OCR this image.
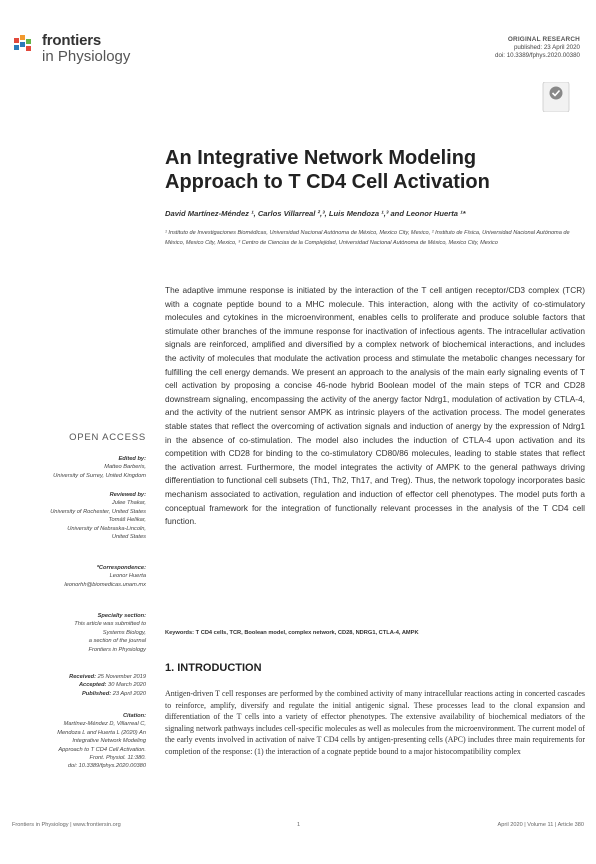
frontiers
in Physiology
ORIGINAL RESEARCH
published: 23 April 2020
doi: 10.3389/fphys.2020.00380
An Integrative Network Modeling
Approach to T CD4 Cell Activation
David Martínez-Méndez ¹, Carlos Villarreal ²,³, Luis Mendoza ¹,³ and Leonor Huerta ¹*
¹ Instituto de Investigaciones Biomédicas, Universidad Nacional Autónoma de México, Mexico City, Mexico, ² Instituto de Física, Universidad Nacional Autónoma de México, Mexico City, Mexico, ³ Centro de Ciencias de la Complejidad, Universidad Nacional Autónoma de México, Mexico City, Mexico

The adaptive immune response is initiated by the interaction of the T cell antigen receptor/CD3 complex (TCR) with a cognate peptide bound to a MHC molecule. This interaction, along with the activity of co-stimulatory molecules and cytokines in the microenvironment, enables cells to proliferate and produce soluble factors that stimulate other branches of the immune response for inactivation of infectious agents. The intracellular activation signals are reinforced, amplified and diversified by a complex network of biochemical interactions, and includes the activity of molecules that modulate the activation process and stimulate the metabolic changes necessary for fulfilling the cell energy demands. We present an approach to the analysis of the main early signaling events of T cell activation by proposing a concise 46-node hybrid Boolean model of the main steps of TCR and CD28 downstream signaling, encompassing the activity of the anergy factor Ndrg1, modulation of activation by CTLA-4, and the activity of the nutrient sensor AMPK as intrinsic players of the activation process. The model generates stable states that reflect the overcoming of activation signals and induction of anergy by the expression of Ndrg1 in the absence of co-stimulation. The model also includes the induction of CTLA-4 upon activation and its competition with CD28 for binding to the co-stimulatory CD80/86 molecules, leading to stable states that reflect the activation arrest. Furthermore, the model integrates the activity of AMPK to the general pathways driving differentiation to functional cell subsets (Th1, Th2, Th17, and Treg). Thus, the network topology incorporates basic mechanism associated to activation, regulation and induction of effector cell phenotypes. The model puts forth a conceptual framework for the integration of functionally relevant processes in the analysis of the T CD4 cell function.

Keywords: T CD4 cells, TCR, Boolean model, complex network, CD28, NDRG1, CTLA-4, AMPK
1. INTRODUCTION

Antigen-driven T cell responses are performed by the combined activity of many intracellular reactions acting in concerted cascades to reinforce, amplify, diversify and regulate the initial antigenic signal. These processes lead to the clonal expansion and differentiation of the T cells into a variety of effector phenotypes. The extensive availability of biochemical mediators of the signaling network pathways includes cell-specific molecules as well as molecules from the microenvironment. The current model of the early events involved in activation of naive T CD4 cells by antigen-presenting cells (APC) includes three main requirements for completion of the response: (1) the interaction of a cognate peptide bound to a major histocompatibility complex

OPEN ACCESS
Edited by:
Matteo Barberis,
University of Surrey, United Kingdom
Reviewed by:
Julee Thakar,
University of Rochester, United States
Tomáš Helikar,
University of Nebraska-Lincoln,
United States
*Correspondence:
Leonor Huerta
leonorhh@biomedicas.unam.mx
Specialty section:
This article was submitted to
Systems Biology,
a section of the journal
Frontiers in Physiology
Received: 25 November 2019
Accepted: 30 March 2020
Published: 23 April 2020
Citation:
Martínez-Méndez D, Villarreal C,
Mendoza L and Huerta L (2020) An
Integrative Network Modeling
Approach to T CD4 Cell Activation.
Front. Physiol. 11:380.
doi: 10.3389/fphys.2020.00380
Frontiers in Physiology | www.frontiersin.org	1	April 2020 | Volume 11 | Article 380
